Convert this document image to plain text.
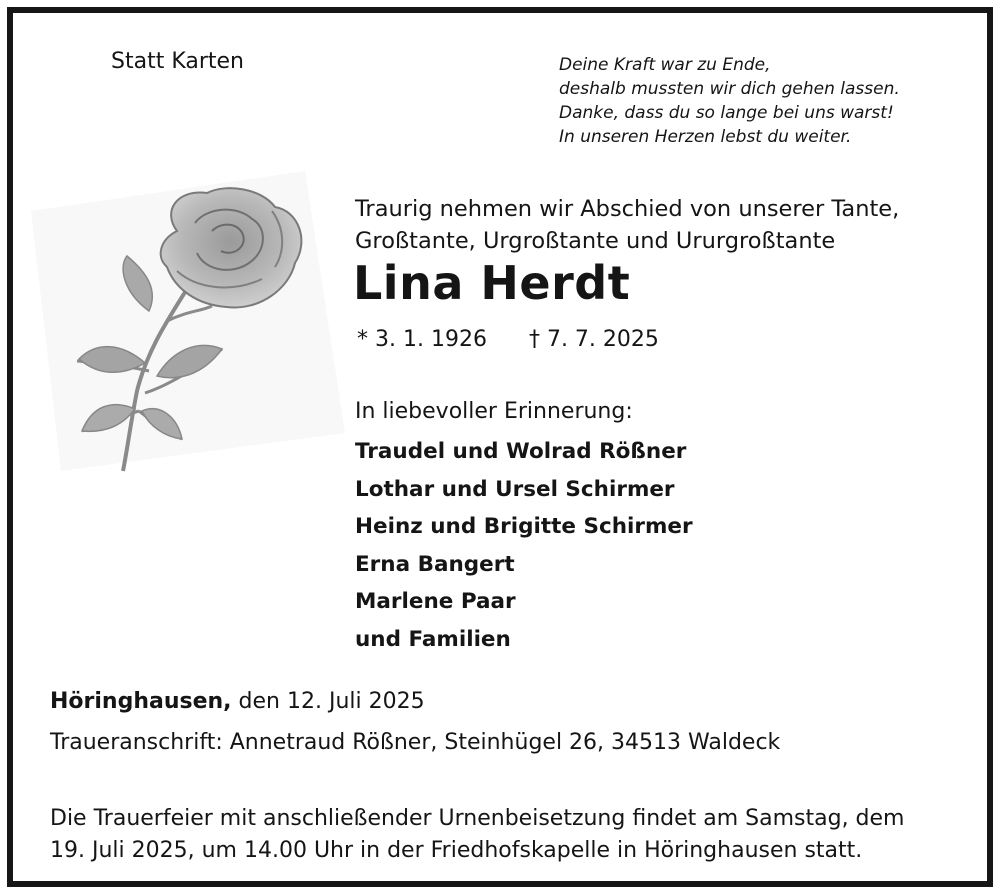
Statt Karten	Deine Kraft war zu Ende,
deshalb mussten wir dich gehen lassen.
Danke, dass du so lange bei uns warst!
In unseren Herzen lebst du weiter.
Traurig nehmen wir Abschied von unserer Tante,
Großtante, Urgroßtante und Ururgroßtante
Lina Herdt
* 3. 1. 1926 † 7. 7. 2025
In liebevoller Erinnerung:
Traudel und Wolrad Rößner
Lothar und Ursel Schirmer
Heinz und Brigitte Schirmer
Erna Bangert
Marlene Paar
und Familien
Höringhausen, den 12. Juli 2025
Traueranschrift: Annetraud Rößner, Steinhügel 26, 34513 Waldeck
Die Trauerfeier mit anschließender Urnenbeisetzung findet am Samstag, dem
19. Juli 2025, um 14.00 Uhr in der Friedhofskapelle in Höringhausen statt.
